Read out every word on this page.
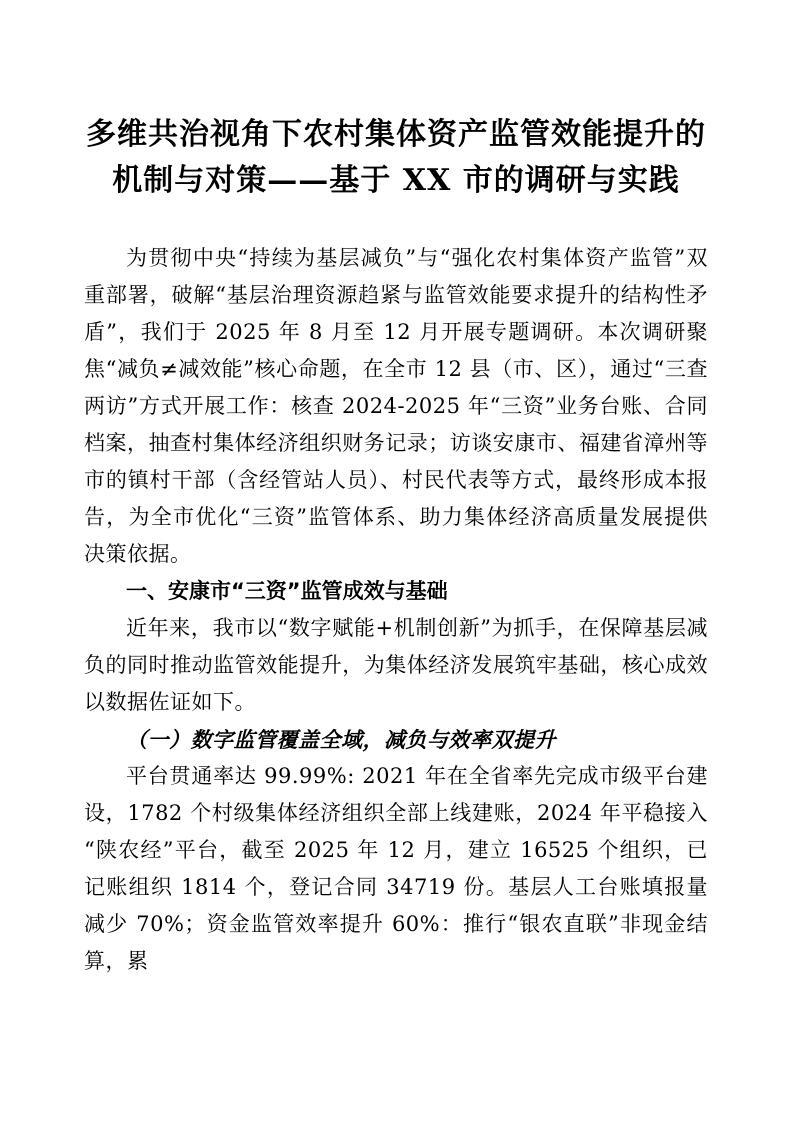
多维共治视角下农村集体资产监管效能提升的机制与对策——基于 XX 市的调研与实践

为贯彻中央“持续为基层减负”与“强化农村集体资产监管”双重部署，破解“基层治理资源趋紧与监管效能要求提升的结构性矛盾”，我们于 2025 年 8 月至 12 月开展专题调研。本次调研聚焦“减负≠减效能”核心命题，在全市 12 县（市、区），通过“三查两访”方式开展工作：核查 2024-2025 年“三资”业务台账、合同档案，抽查村集体经济组织财务记录；访谈安康市、福建省漳州等市的镇村干部（含经管站人员）、村民代表等方式，最终形成本报告，为全市优化“三资”监管体系、助力集体经济高质量发展提供决策依据。

一、安康市“三资”监管成效与基础

近年来，我市以“数字赋能+机制创新”为抓手，在保障基层减负的同时推动监管效能提升，为集体经济发展筑牢基础，核心成效以数据佐证如下。

（一）数字监管覆盖全域，减负与效率双提升

平台贯通率达 99.99%: 2021 年在全省率先完成市级平台建设，1782 个村级集体经济组织全部上线建账，2024 年平稳接入“陕农经”平台，截至 2025 年 12 月，建立 16525 个组织，已记账组织 1814 个，登记合同 34719 份。基层人工台账填报量减少 70%；资金监管效率提升 60%：推行“银农直联”非现金结算，累
